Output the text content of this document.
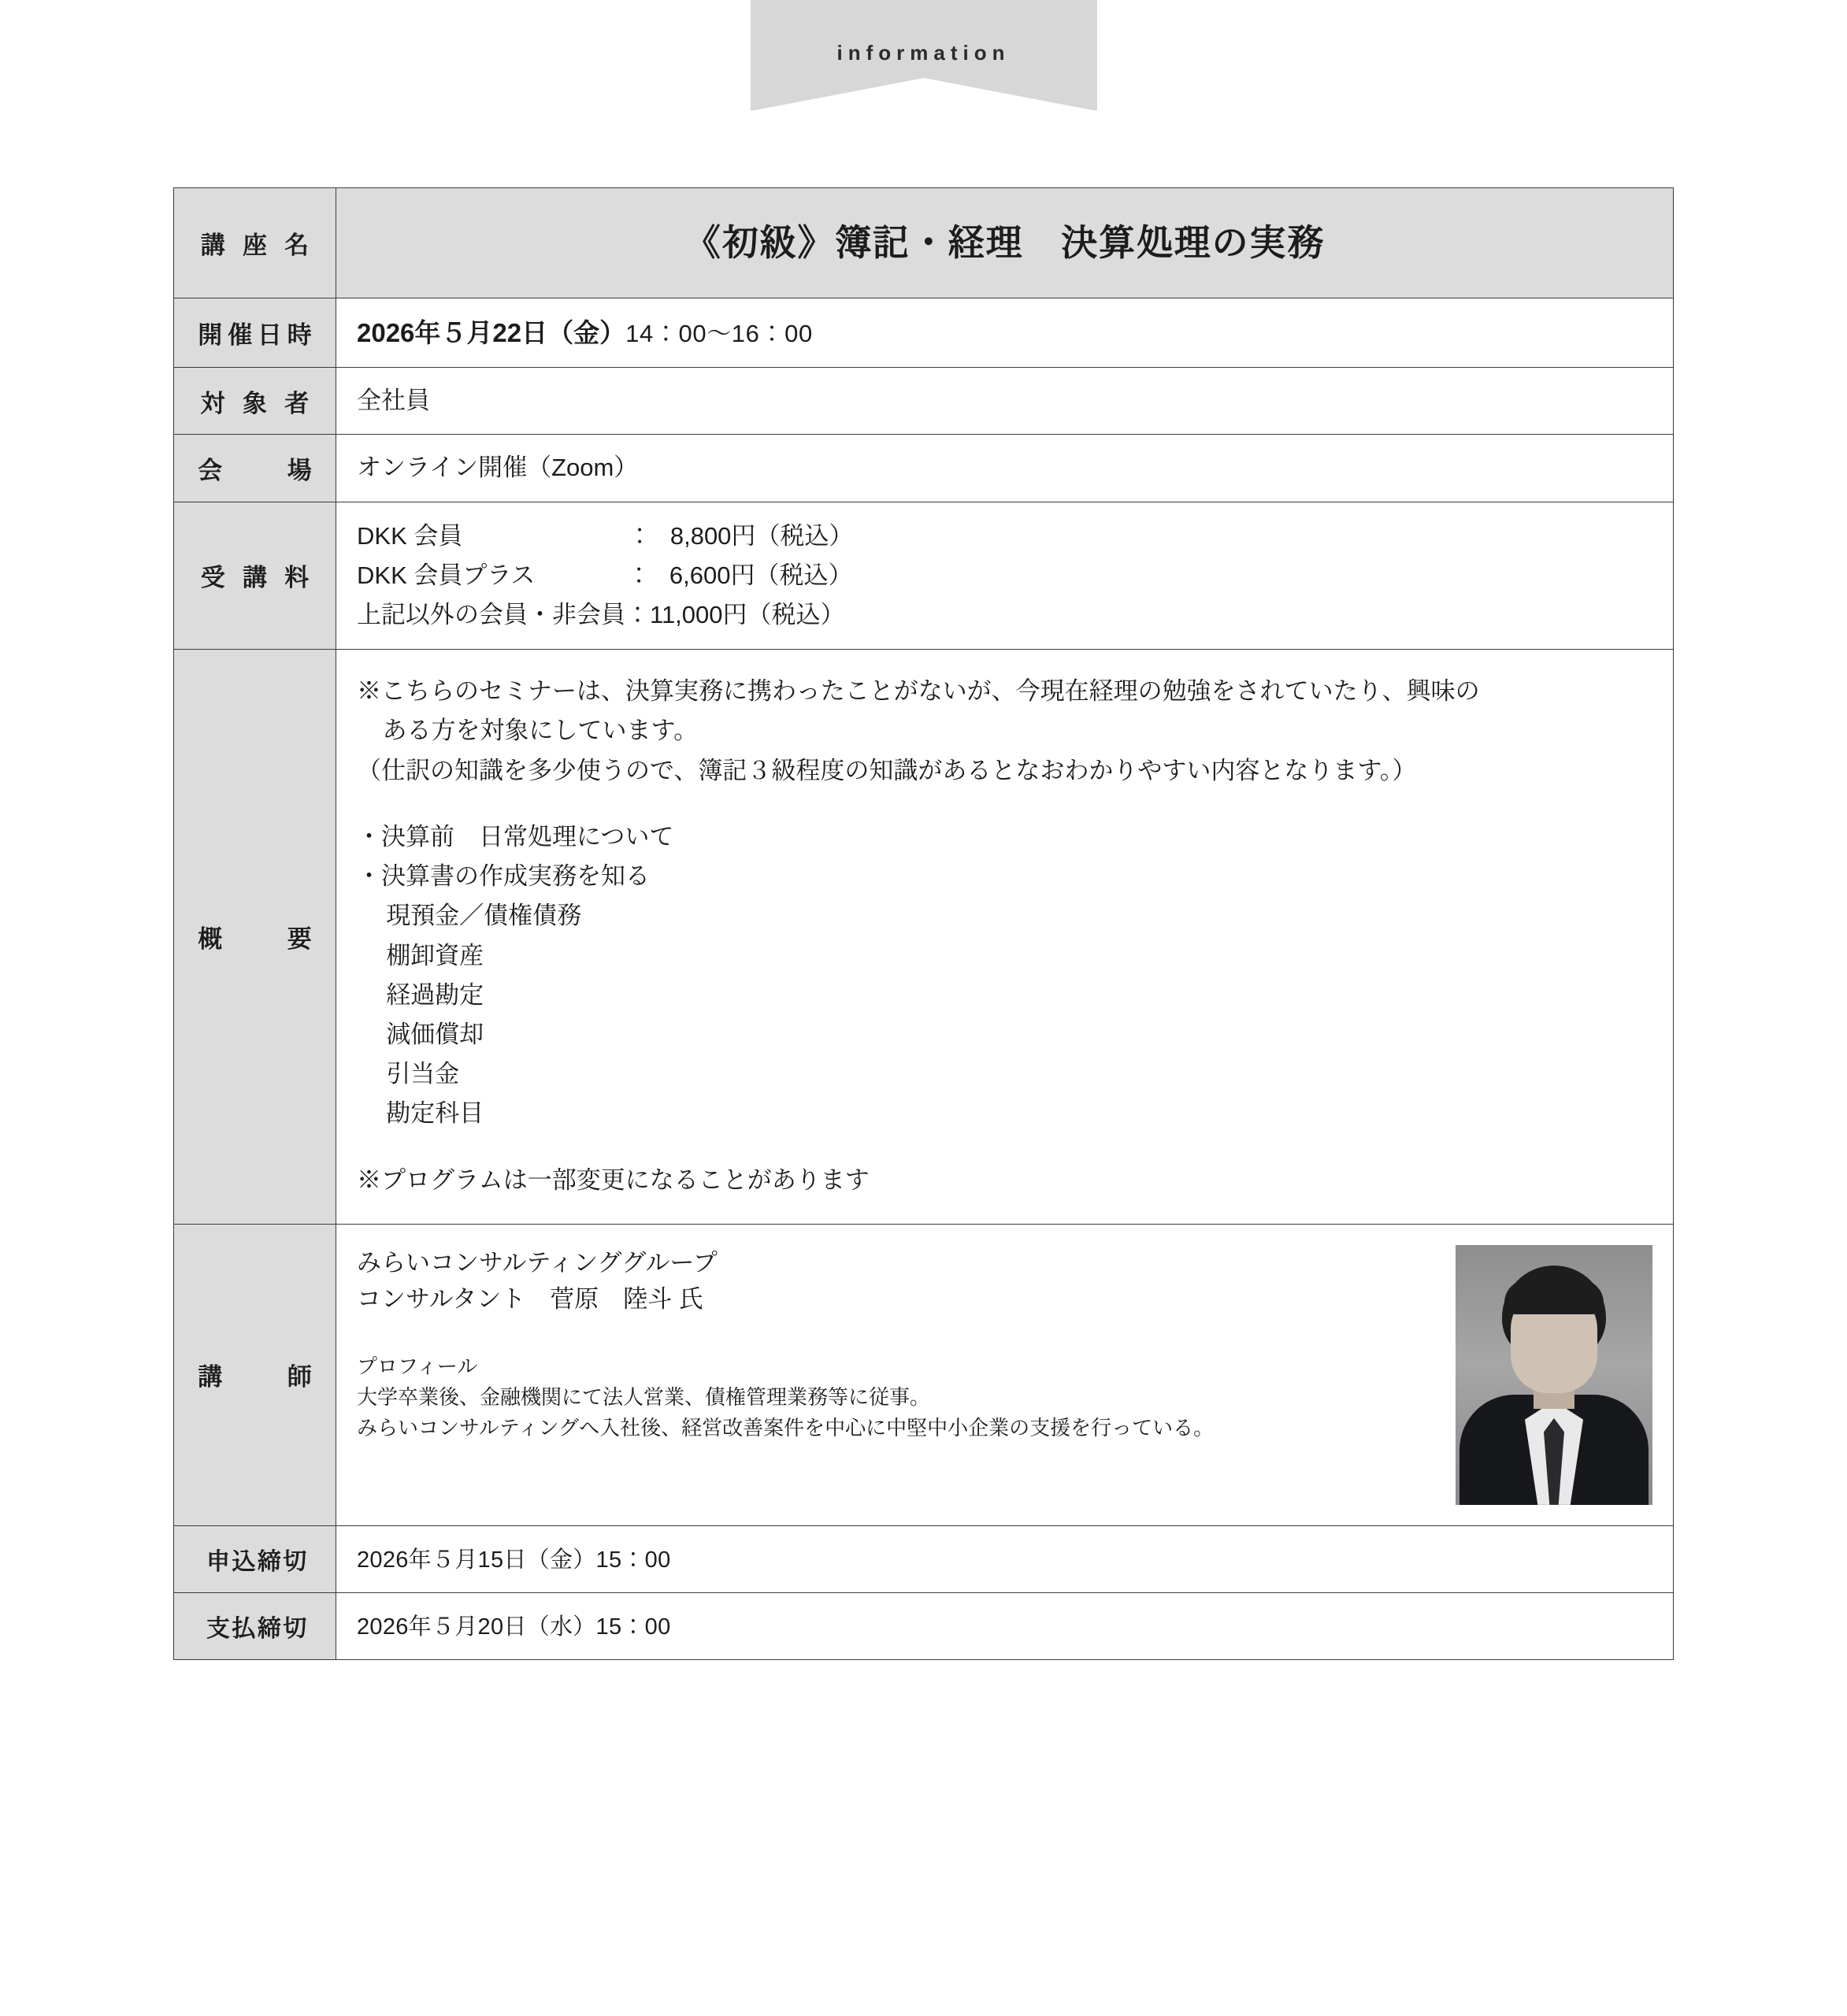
information
講 座 名	《初級》簿記・経理　決算処理の実務
開催日時	2026年５月22日（金）14：00〜16：00
対 象 者	全社員
会　　場	オンライン開催（Zoom）
受 講 料	DKK 会員　　　　　　　：　8,800円（税込）
DKK 会員プラス　　　　：　6,600円（税込）
上記以外の会員・非会員：11,000円（税込）

概　　要	

※こちらのセミナーは、決算実務に携わったことがないが、今現在経理の勉強をされていたり、興味の

ある方を対象にしています。

（仕訳の知識を多少使うので、簿記３級程度の知識があるとなおわかりやすい内容となります。）

・決算前　日常処理について

・決算書の作成実務を知る

現預金／債権債務

棚卸資産

経過勘定

減価償却

引当金

勘定科目

※プログラムは一部変更になることがあります

講　　師	みらいコンサルティンググループ
コンサルタント　菅原　陸斗 氏
プロフィール
大学卒業後、金融機関にて法人営業、債権管理業務等に従事。
みらいコンサルティングへ入社後、経営改善案件を中心に中堅中小企業の支援を行っている。

申込締切	2026年５月15日（金）15：00
支払締切	2026年５月20日（水）15：00
